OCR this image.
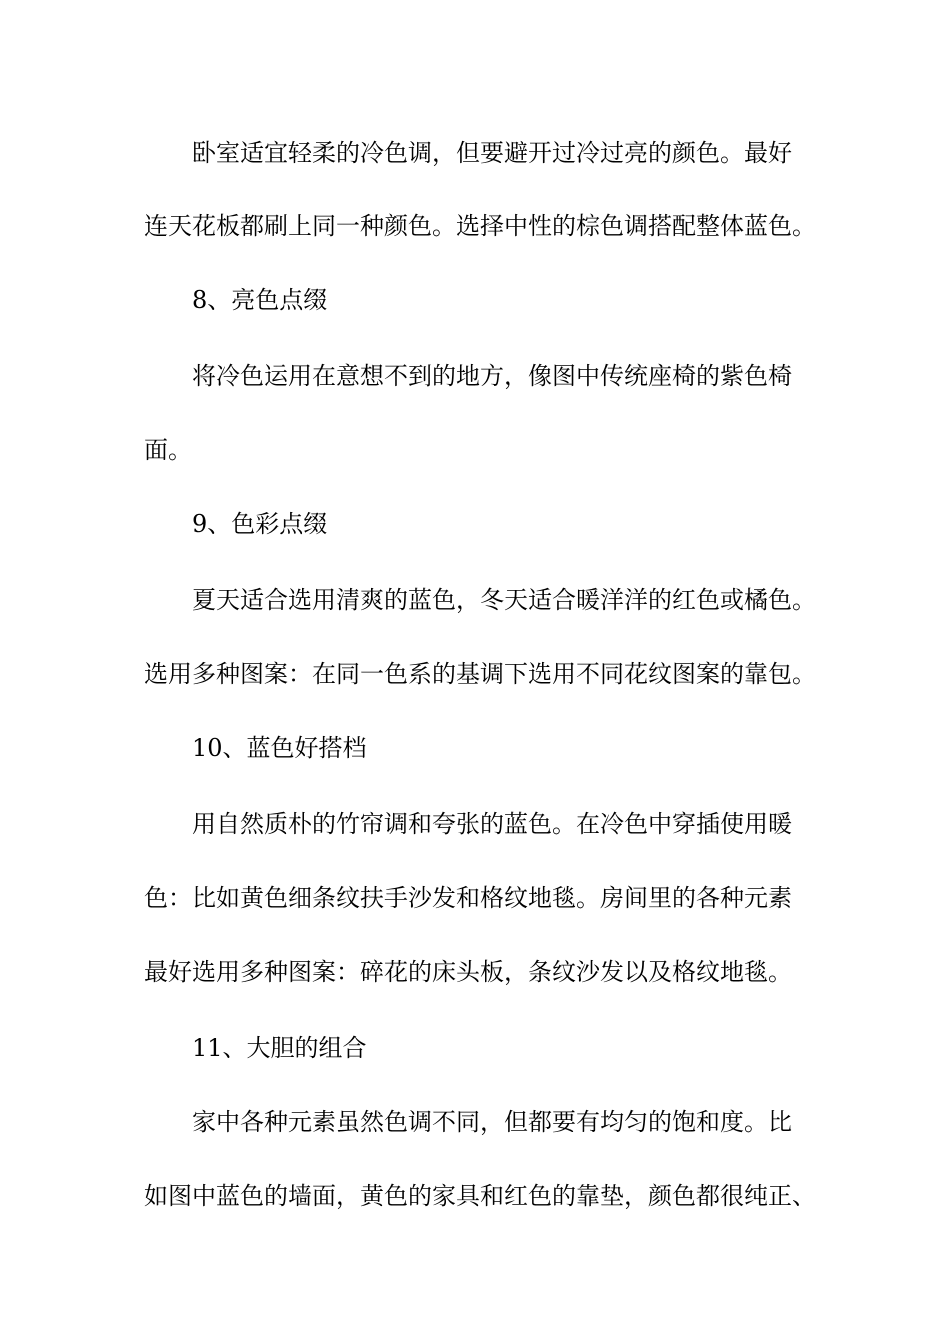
卧室适宜轻柔的冷色调，但要避开过冷过亮的颜色。最好

连天花板都刷上同一种颜色。选择中性的棕色调搭配整体蓝色。

8、亮色点缀

将冷色运用在意想不到的地方，像图中传统座椅的紫色椅

面。

9、色彩点缀

夏天适合选用清爽的蓝色，冬天适合暖洋洋的红色或橘色。

选用多种图案：在同一色系的基调下选用不同花纹图案的靠包。

10、蓝色好搭档

用自然质朴的竹帘调和夸张的蓝色。在冷色中穿插使用暖

色：比如黄色细条纹扶手沙发和格纹地毯。房间里的各种元素

最好选用多种图案：碎花的床头板，条纹沙发以及格纹地毯。

11、大胆的组合

家中各种元素虽然色调不同，但都要有均匀的饱和度。比

如图中蓝色的墙面，黄色的家具和红色的靠垫，颜色都很纯正、
